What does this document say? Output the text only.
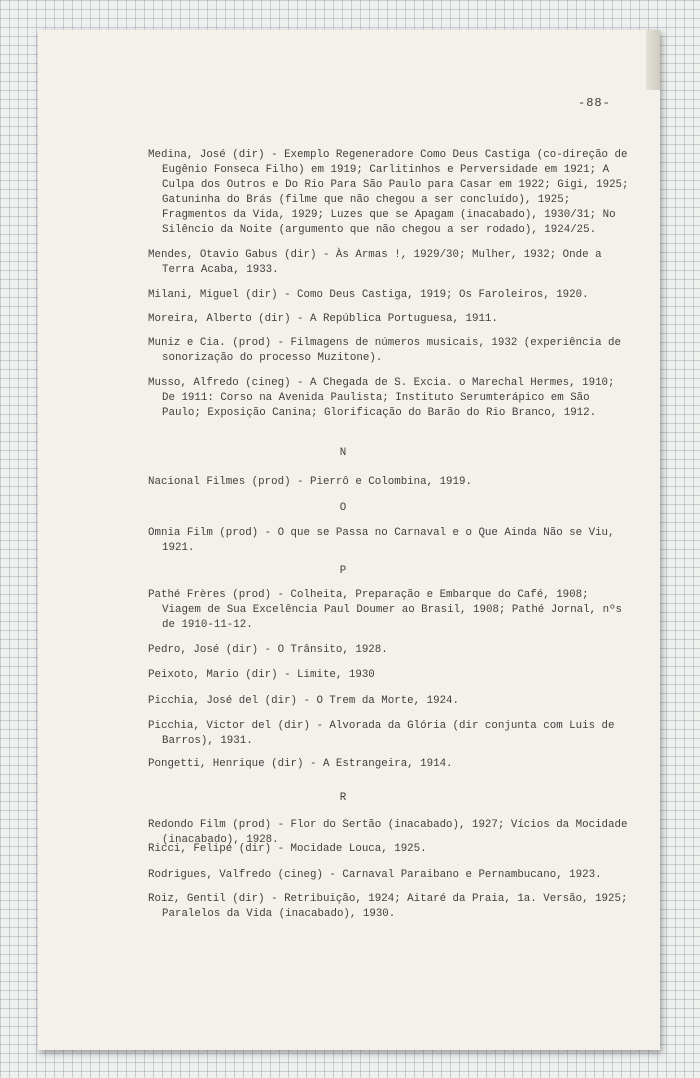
-88-
Medina, José (dir) - Exemplo Regeneradore Como Deus Castiga (co-direção de Eugênio Fonseca Filho) em 1919; Carlitinhos e Perversidade em 1921; A Culpa dos Outros e Do Rio Para São Paulo para Casar em 1922; Gigi, 1925; Gatuninha do Brás (filme que não chegou a ser concluído), 1925; Fragmentos da Vida, 1929; Luzes que se Apagam (inacabado), 1930/31; No Silêncio da Noite (argumento que não chegou a ser rodado), 1924/25.
Mendes, Otavio Gabus (dir) - Às Armas !, 1929/30; Mulher, 1932; Onde a Terra Acaba, 1933.
Milani, Miguel (dir) - Como Deus Castiga, 1919; Os Faroleiros, 1920.
Moreira, Alberto (dir) - A República Portuguesa, 1911.
Muniz e Cia. (prod) - Filmagens de números musicais, 1932 (experiência de sonorização do processo Muzitone).
Musso, Alfredo (cineg) - A Chegada de S. Excia. o Marechal Hermes, 1910; De 1911: Corso na Avenida Paulista; Instituto Serumterápico em São Paulo; Exposição Canina; Glorificação do Barão do Rio Branco, 1912.
N
Nacional Filmes (prod) - Pierrô e Colombina, 1919.
O
Omnia Film (prod) - O que se Passa no Carnaval e o Que Ainda Não se Viu, 1921.
P
Pathé Frères (prod) - Colheita, Preparação e Embarque do Café, 1908; Viagem de Sua Excelência Paul Doumer ao Brasil, 1908; Pathé Jornal, nºs de 1910-11-12.
Pedro, José (dir) - O Trânsito, 1928.
Peixoto, Mario (dir) - Limite, 1930
Picchia, José del (dir) - O Trem da Morte, 1924.
Picchia, Victor del (dir) - Alvorada da Glória (dir conjunta com Luis de Barros), 1931.
Pongetti, Henrique (dir) - A Estrangeira, 1914.
R
Redondo Film (prod) - Flor do Sertão (inacabado), 1927; Vícios da Mocidade (inacabado), 1928.
Ricci, Felipe (dir) - Mocidade Louca, 1925.
Rodrigues, Valfredo (cineg) - Carnaval Paraibano e Pernambucano, 1923.
Roiz, Gentil (dir) - Retribuição, 1924; Aitaré da Praia, 1a. Versão, 1925; Paralelos da Vida (inacabado), 1930.
